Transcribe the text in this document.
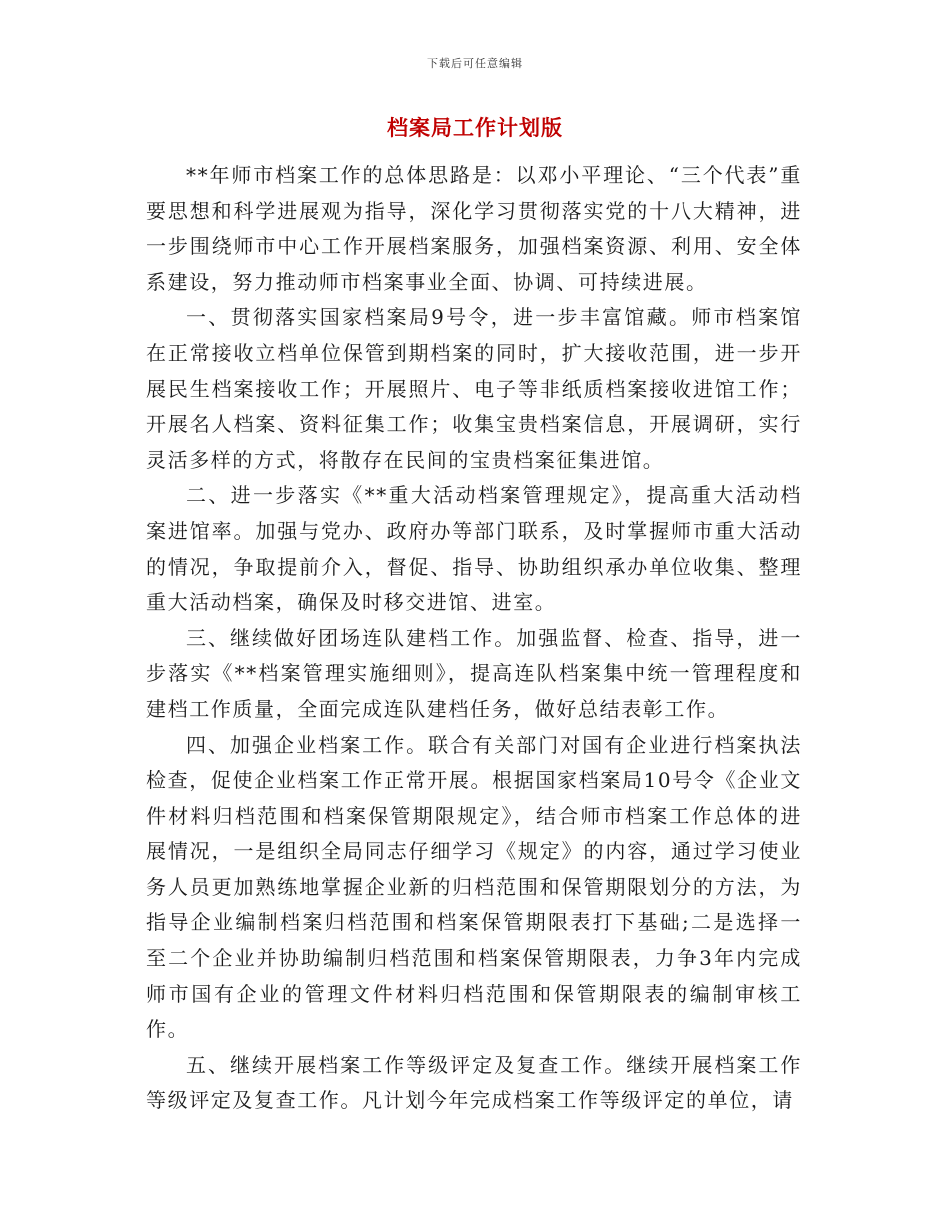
下载后可任意编辑
档案局工作计划版

**年师市档案工作的总体思路是：以邓小平理论、“三个代表”重要思想和科学进展观为指导，深化学习贯彻落实党的十八大精神，进一步围绕师市中心工作开展档案服务，加强档案资源、利用、安全体系建设，努力推动师市档案事业全面、协调、可持续进展。

一、贯彻落实国家档案局9号令，进一步丰富馆藏。师市档案馆在正常接收立档单位保管到期档案的同时，扩大接收范围，进一步开展民生档案接收工作；开展照片、电子等非纸质档案接收进馆工作；开展名人档案、资料征集工作；收集宝贵档案信息，开展调研，实行灵活多样的方式，将散存在民间的宝贵档案征集进馆。

二、进一步落实《**重大活动档案管理规定》，提高重大活动档案进馆率。加强与党办、政府办等部门联系，及时掌握师市重大活动的情况，争取提前介入，督促、指导、协助组织承办单位收集、整理重大活动档案，确保及时移交进馆、进室。

三、继续做好团场连队建档工作。加强监督、检查、指导，进一步落实《**档案管理实施细则》，提高连队档案集中统一管理程度和建档工作质量，全面完成连队建档任务，做好总结表彰工作。

四、加强企业档案工作。联合有关部门对国有企业进行档案执法检查，促使企业档案工作正常开展。根据国家档案局10号令《企业文件材料归档范围和档案保管期限规定》，结合师市档案工作总体的进展情况，一是组织全局同志仔细学习《规定》的内容，通过学习使业务人员更加熟练地掌握企业新的归档范围和保管期限划分的方法，为指导企业编制档案归档范围和档案保管期限表打下基础;二是选择一至二个企业并协助编制归档范围和档案保管期限表，力争3年内完成师市国有企业的管理文件材料归档范围和保管期限表的编制审核工作。

五、继续开展档案工作等级评定及复查工作。继续开展档案工作等级评定及复查工作。凡计划今年完成档案工作等级评定的单位，请
